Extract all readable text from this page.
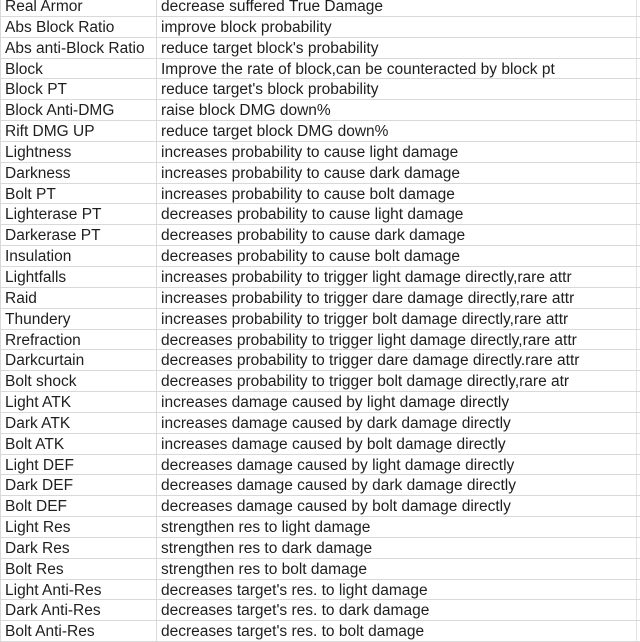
Real Armor	decrease suffered True Damage
Abs Block Ratio	improve block probability
Abs anti-Block Ratio	reduce target block's probability
Block	Improve the rate of block,can be counteracted by block pt
Block PT	reduce target's block probability
Block Anti-DMG	raise block DMG down%
Rift DMG UP	reduce target block DMG down%
Lightness	increases probability to cause light damage
Darkness	increases probability to cause dark damage
Bolt PT	increases probability to cause bolt damage
Lighterase PT	decreases probability to cause light damage
Darkerase PT	decreases probability to cause dark damage
Insulation	decreases probability to cause bolt damage
Lightfalls	increases probability to trigger light damage directly,rare attr
Raid	increases probability to trigger dare damage directly,rare attr
Thundery	increases probability to trigger bolt damage directly,rare attr
Rrefraction	decreases probability to trigger light damage directly,rare attr
Darkcurtain	decreases probability to trigger dare damage directly.rare attr
Bolt shock	decreases probability to trigger bolt damage directly,rare atr
Light ATK	increases damage caused by light damage directly
Dark ATK	increases damage caused by dark damage directly
Bolt ATK	increases damage caused by bolt damage directly
Light DEF	decreases damage caused by light damage directly
Dark DEF	decreases damage caused by dark damage directly
Bolt DEF	decreases damage caused by bolt damage directly
Light Res	strengthen res to light damage
Dark Res	strengthen res to dark damage
Bolt Res	strengthen res to bolt damage
Light Anti-Res	decreases target's res. to light damage
Dark Anti-Res	decreases target's res. to dark damage
Bolt Anti-Res	decreases target's res. to bolt damage
